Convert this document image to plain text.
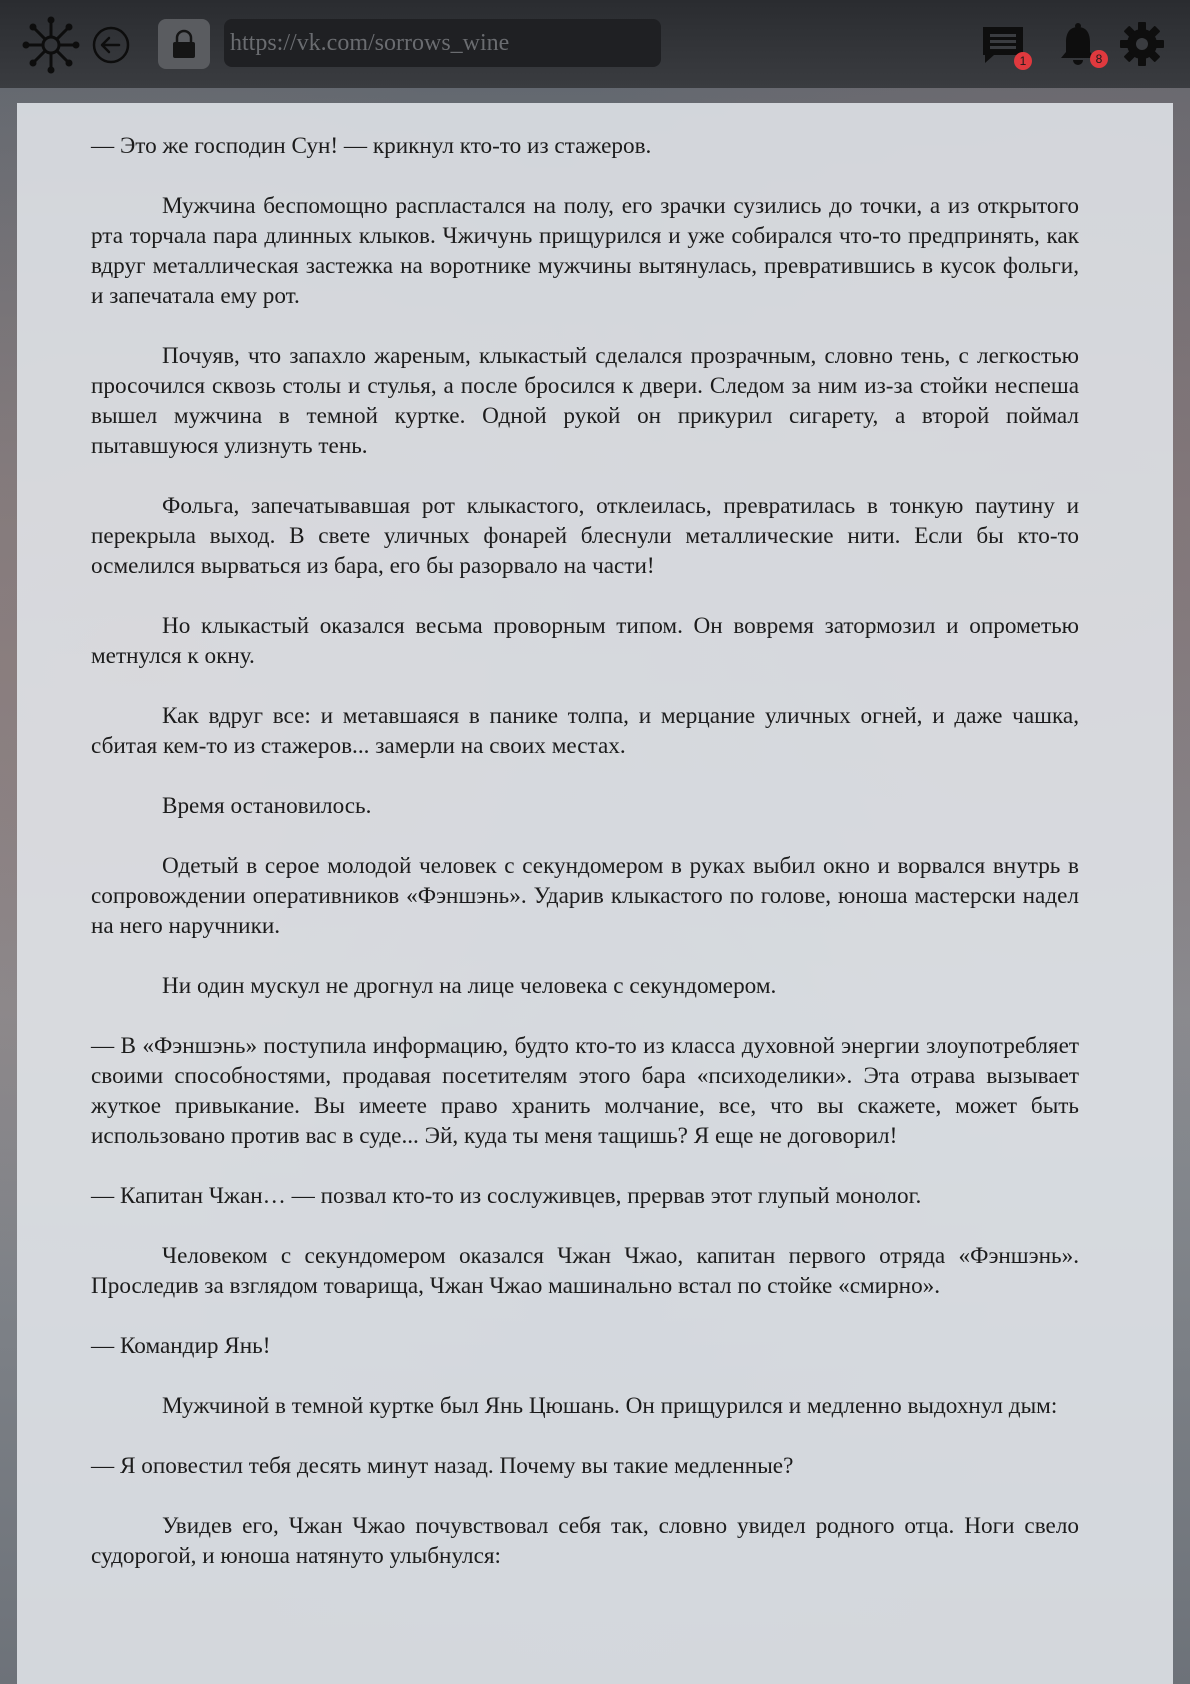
https://vk.com/sorrows_wine
1	8

— Это же господин Сун! — крикнул кто-то из стажеров.

Мужчина беспомощно распластался на полу, его зрачки сузились до точки, а из открытого рта торчала пара длинных клыков. Чжичунь прищурился и уже собирался что-то предпринять, как вдруг металлическая застежка на воротнике мужчины вытянулась, превратившись в кусок фольги, и запечатала ему рот.

Почуяв, что запахло жареным, клыкастый сделался прозрачным, словно тень, с легкостью просочился сквозь столы и стулья, а после бросился к двери. Следом за ним из-за стойки неспеша вышел мужчина в темной куртке. Одной рукой он прикурил сигарету, а второй поймал пытавшуюся улизнуть тень.

Фольга, запечатывавшая рот клыкастого, отклеилась, превратилась в тонкую паутину и перекрыла выход. В свете уличных фонарей блеснули металлические нити. Если бы кто-то осмелился вырваться из бара, его бы разорвало на части!

Но клыкастый оказался весьма проворным типом. Он вовремя затормозил и опрометью метнулся к окну.

Как вдруг все: и метавшаяся в панике толпа, и мерцание уличных огней, и даже чашка, сбитая кем-то из стажеров... замерли на своих местах.

Время остановилось.

Одетый в серое молодой человек с секундомером в руках выбил окно и ворвался внутрь в сопровождении оперативников «Фэншэнь». Ударив клыкастого по голове, юноша мастерски надел на него наручники.

Ни один мускул не дрогнул на лице человека с секундомером.

— В «Фэншэнь» поступила информацию, будто кто-то из класса духовной энергии злоупотребляет своими способностями, продавая посетителям этого бара «психоделики». Эта отрава вызывает жуткое привыкание. Вы имеете право хранить молчание, все, что вы скажете, может быть использовано против вас в суде... Эй, куда ты меня тащишь? Я еще не договорил!

— Капитан Чжан… — позвал кто-то из сослуживцев, прервав этот глупый монолог.

Человеком с секундомером оказался Чжан Чжао, капитан первого отряда «Фэншэнь». Проследив за взглядом товарища, Чжан Чжао машинально встал по стойке «смирно».

— Командир Янь!

Мужчиной в темной куртке был Янь Цюшань. Он прищурился и медленно выдохнул дым:

— Я оповестил тебя десять минут назад. Почему вы такие медленные?

Увидев его, Чжан Чжао почувствовал себя так, словно увидел родного отца. Ноги свело судорогой, и юноша натянуто улыбнулся:
